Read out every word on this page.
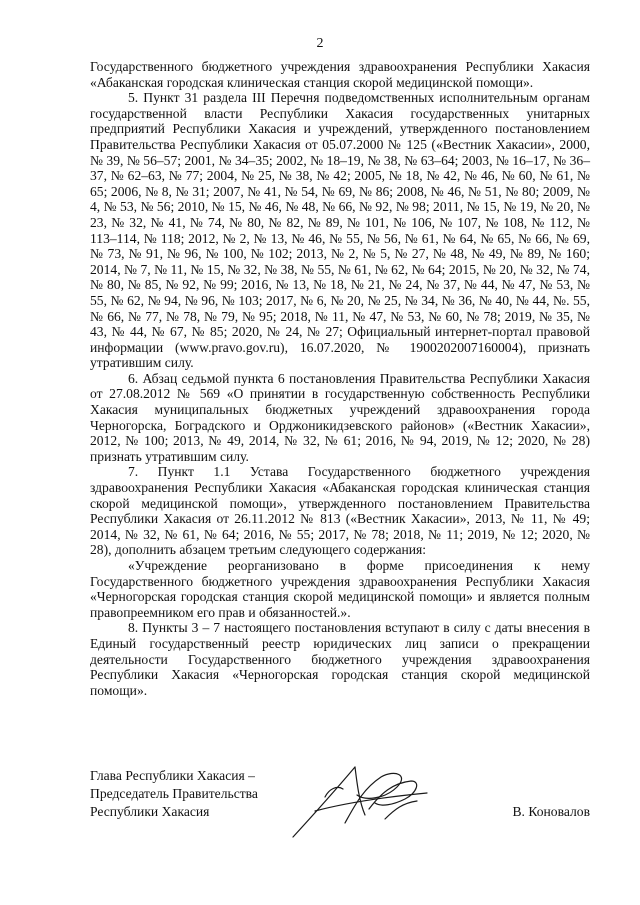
2

Государственного бюджетного учреждения здравоохранения Республики Хакасия «Абаканская городская клиническая станция скорой медицинской помощи».

5. Пункт 31 раздела III Перечня подведомственных исполнительным органам государственной власти Республики Хакасия государственных унитарных предприятий Республики Хакасия и учреждений, утвержденного постановлением Правительства Республики Хакасия от 05.07.2000 № 125 («Вестник Хакасии», 2000, № 39, № 56–57; 2001, № 34–35; 2002, № 18–19, № 38, № 63–64; 2003, № 16–17, № 36–37, № 62–63, № 77; 2004, № 25, № 38, № 42; 2005, № 18, № 42, № 46, № 60, № 61, № 65; 2006, № 8, № 31; 2007, № 41, № 54, № 69, № 86; 2008, № 46, № 51, № 80; 2009, № 4, № 53, № 56; 2010, № 15, № 46, № 48, № 66, № 92, № 98; 2011, № 15, № 19, № 20, № 23, № 32, № 41, № 74, № 80, № 82, № 89, № 101, № 106, № 107, № 108, № 112, № 113–114, № 118; 2012, № 2, № 13, № 46, № 55, № 56, № 61, № 64, № 65, № 66, № 69, № 73, № 91, № 96, № 100, № 102; 2013, № 2, № 5, № 27, № 48, № 49, № 89, № 160; 2014, № 7, № 11, № 15, № 32, № 38, № 55, № 61, № 62, № 64; 2015, № 20, № 32, № 74, № 80, № 85, № 92, № 99; 2016, № 13, № 18, № 21, № 24, № 37, № 44, № 47, № 53, № 55, № 62, № 94, № 96, № 103; 2017, № 6, № 20, № 25, № 34, № 36, № 40, № 44, №. 55, № 66, № 77, № 78, № 79, № 95; 2018, № 11, № 47, № 53, № 60, № 78; 2019, № 35, № 43, № 44, № 67, № 85; 2020, № 24, № 27; Официальный интернет-портал правовой информации (www.pravo.gov.ru), 16.07.2020, № 1900202007160004), признать утратившим силу.

6. Абзац седьмой пункта 6 постановления Правительства Республики Хакасия от 27.08.2012 № 569 «О принятии в государственную собственность Республики Хакасия муниципальных бюджетных учреждений здравоохранения города Черногорска, Боградского и Орджоникидзевского районов» («Вестник Хакасии», 2012, № 100; 2013, № 49, 2014, № 32, № 61; 2016, № 94, 2019, № 12; 2020, № 28) признать утратившим силу.

7. Пункт 1.1 Устава Государственного бюджетного учреждения здравоохранения Республики Хакасия «Абаканская городская клиническая станция скорой медицинской помощи», утвержденного постановлением Правительства Республики Хакасия от 26.11.2012 № 813 («Вестник Хакасии», 2013, № 11, № 49; 2014, № 32, № 61, № 64; 2016, № 55; 2017, № 78; 2018, № 11; 2019, № 12; 2020, № 28), дополнить абзацем третьим следующего содержания:

«Учреждение реорганизовано в форме присоединения к нему Государственного бюджетного учреждения здравоохранения Республики Хакасия «Черногорская городская станция скорой медицинской помощи» и является полным правопреемником его прав и обязанностей.».

8. Пункты 3 – 7 настоящего постановления вступают в силу с даты внесения в Единый государственный реестр юридических лиц записи о прекращении деятельности Государственного бюджетного учреждения здравоохранения Республики Хакасия «Черногорская городская станция скорой медицинской помощи».

Глава Республики Хакасия –
Председатель Правительства
Республики Хакасия	В. Коновалов
